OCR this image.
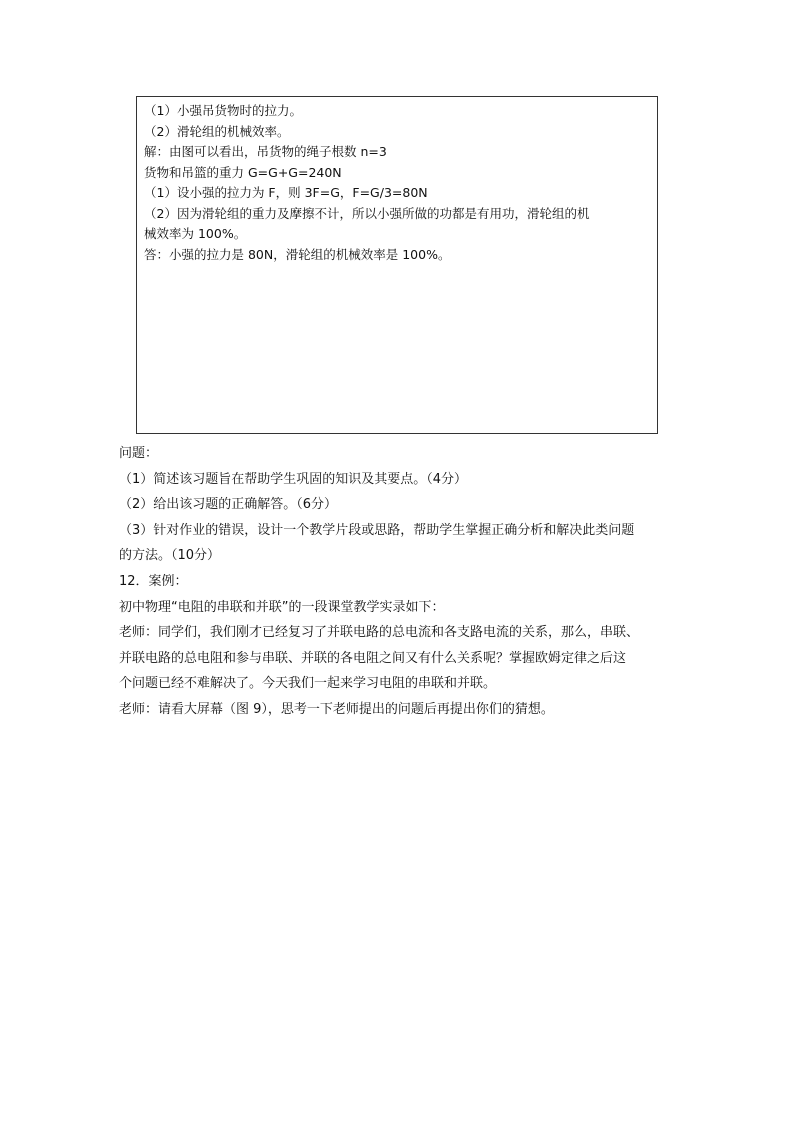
（1）小强吊货物时的拉力。

（2）滑轮组的机械效率。

解：由图可以看出，吊货物的绳子根数 n=3

货物和吊篮的重力 G=G+G=240N

（1）设小强的拉力为 F，则 3F=G，F=G/3=80N

（2）因为滑轮组的重力及摩擦不计，所以小强所做的功都是有用功，滑轮组的机

械效率为 100%。

答：小强的拉力是 80N，滑轮组的机械效率是 100%。

问题：

（1）简述该习题旨在帮助学生巩固的知识及其要点。（4分）

（2）给出该习题的正确解答。（6分）

（3）针对作业的错误，设计一个教学片段或思路，帮助学生掌握正确分析和解决此类问题

的方法。（10分）

12．案例：

初中物理“电阻的串联和并联”的一段课堂教学实录如下：

老师：同学们，我们刚才已经复习了并联电路的总电流和各支路电流的关系，那么，串联、

并联电路的总电阻和参与串联、并联的各电阻之间又有什么关系呢？掌握欧姆定律之后这

个问题已经不难解决了。今天我们一起来学习电阻的串联和并联。

老师：请看大屏幕（图 9），思考一下老师提出的问题后再提出你们的猜想。
